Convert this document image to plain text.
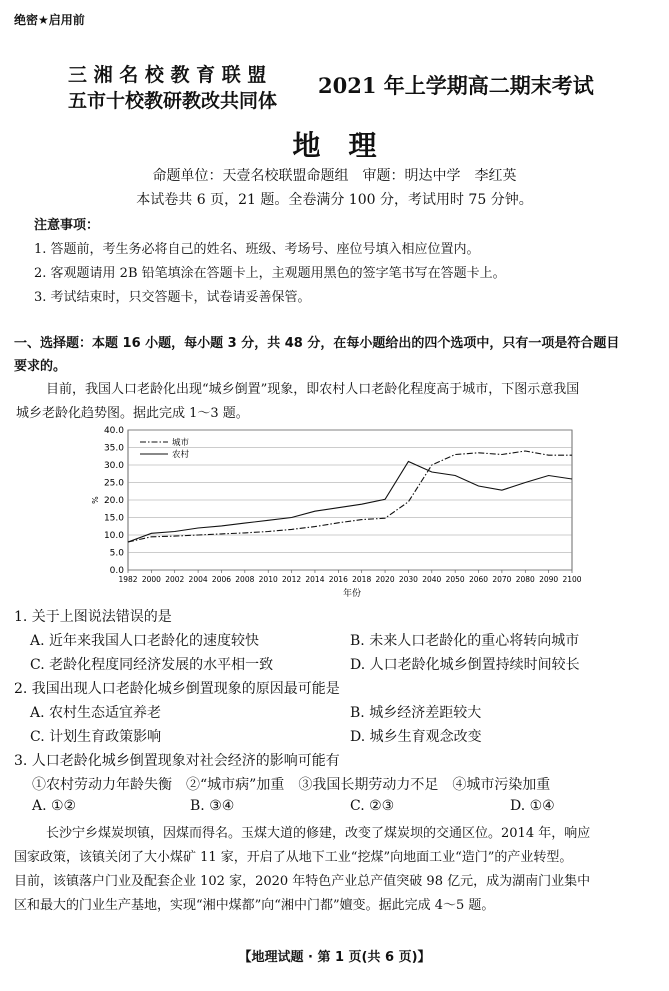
绝密★启用前
三 湘 名 校 教 育 联 盟
五市十校教研教改共同体
2021 年上学期高二期末考试
地　理
命题单位：天壹名校联盟命题组　审题：明达中学　李红英
本试卷共 6 页，21 题。全卷满分 100 分，考试用时 75 分钟。
注意事项：
1. 答题前，考生务必将自己的姓名、班级、考场号、座位号填入相应位置内。
2. 客观题请用 2B 铅笔填涂在答题卡上，主观题用黑色的签字笔书写在答题卡上。
3. 考试结束时，只交答题卡，试卷请妥善保管。
一、选择题：本题 16 小题，每小题 3 分，共 48 分，在每小题给出的四个选项中，只有一项是符合题目
要求的。
目前，我国人口老龄化出现“城乡倒置”现象，即农村人口老龄化程度高于城市，下图示意我国
城乡老龄化趋势图。据此完成 1～3 题。
0.0
5.0
10.0
15.0
20.0
25.0
30.0
35.0
40.0
1982 2000 2002 2004 2006 2008 2010 2012 2014 2016 2018 2020 2030 2040 2050 2060 2070 2080 2090 2100
城市
农村
%
年份
1. 关于上图说法错误的是
A. 近年来我国人口老龄化的速度较快	B. 未来人口老龄化的重心将转向城市
C. 老龄化程度同经济发展的水平相一致	D. 人口老龄化城乡倒置持续时间较长
2. 我国出现人口老龄化城乡倒置现象的原因最可能是
A. 农村生态适宜养老	B. 城乡经济差距较大
C. 计划生育政策影响	D. 城乡生育观念改变
3. 人口老龄化城乡倒置现象对社会经济的影响可能有
①农村劳动力年龄失衡　②“城市病”加重　③我国长期劳动力不足　④城市污染加重
A. ①②	B. ③④	C. ②③	D. ①④
长沙宁乡煤炭坝镇，因煤而得名。玉煤大道的修建，改变了煤炭坝的交通区位。2014 年，响应
国家政策，该镇关闭了大小煤矿 11 家，开启了从地下工业“挖煤”向地面工业“造门”的产业转型。
目前，该镇落户门业及配套企业 102 家，2020 年特色产业总产值突破 98 亿元，成为湖南门业集中
区和最大的门业生产基地，实现“湘中煤都”向“湘中门都”嬗变。据此完成 4～5 题。
【地理试题 · 第 1 页(共 6 页)】
